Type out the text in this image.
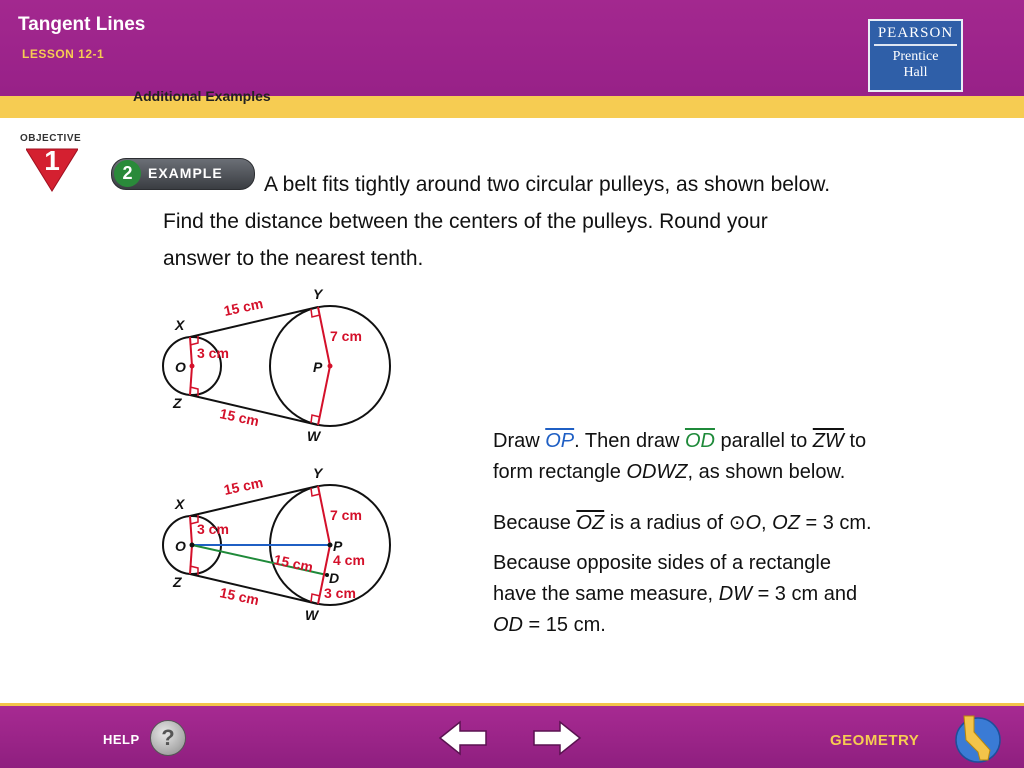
Tangent Lines
LESSON 12-1
Additional Examples
PEARSON
Prentice
Hall
OBJECTIVE
1	2	EXAMPLE	A belt fits tightly around two circular pulleys, as shown below.
Find the distance between the centers of the pulleys. Round your
answer to the nearest tenth.
X
Y
Z
W
O	P
15 cm
15 cm
3 cm
7 cm
X
Y
Z
W
O	P
D
15 cm
15 cm
3 cm
7 cm
15 cm 4 cm
3 cm
Draw $\overline{OP}$. Then draw $\overline{OD}$ parallel to $\overline{ZW}$ to
form rectangle ODWZ, as shown below.
Because $\overline{OZ}$ is a radius of ⊙O, OZ = 3 cm.
Because opposite sides of a rectangle
have the same measure, DW = 3 cm and
OD = 15 cm.
HELP ?	GEOMETRY
